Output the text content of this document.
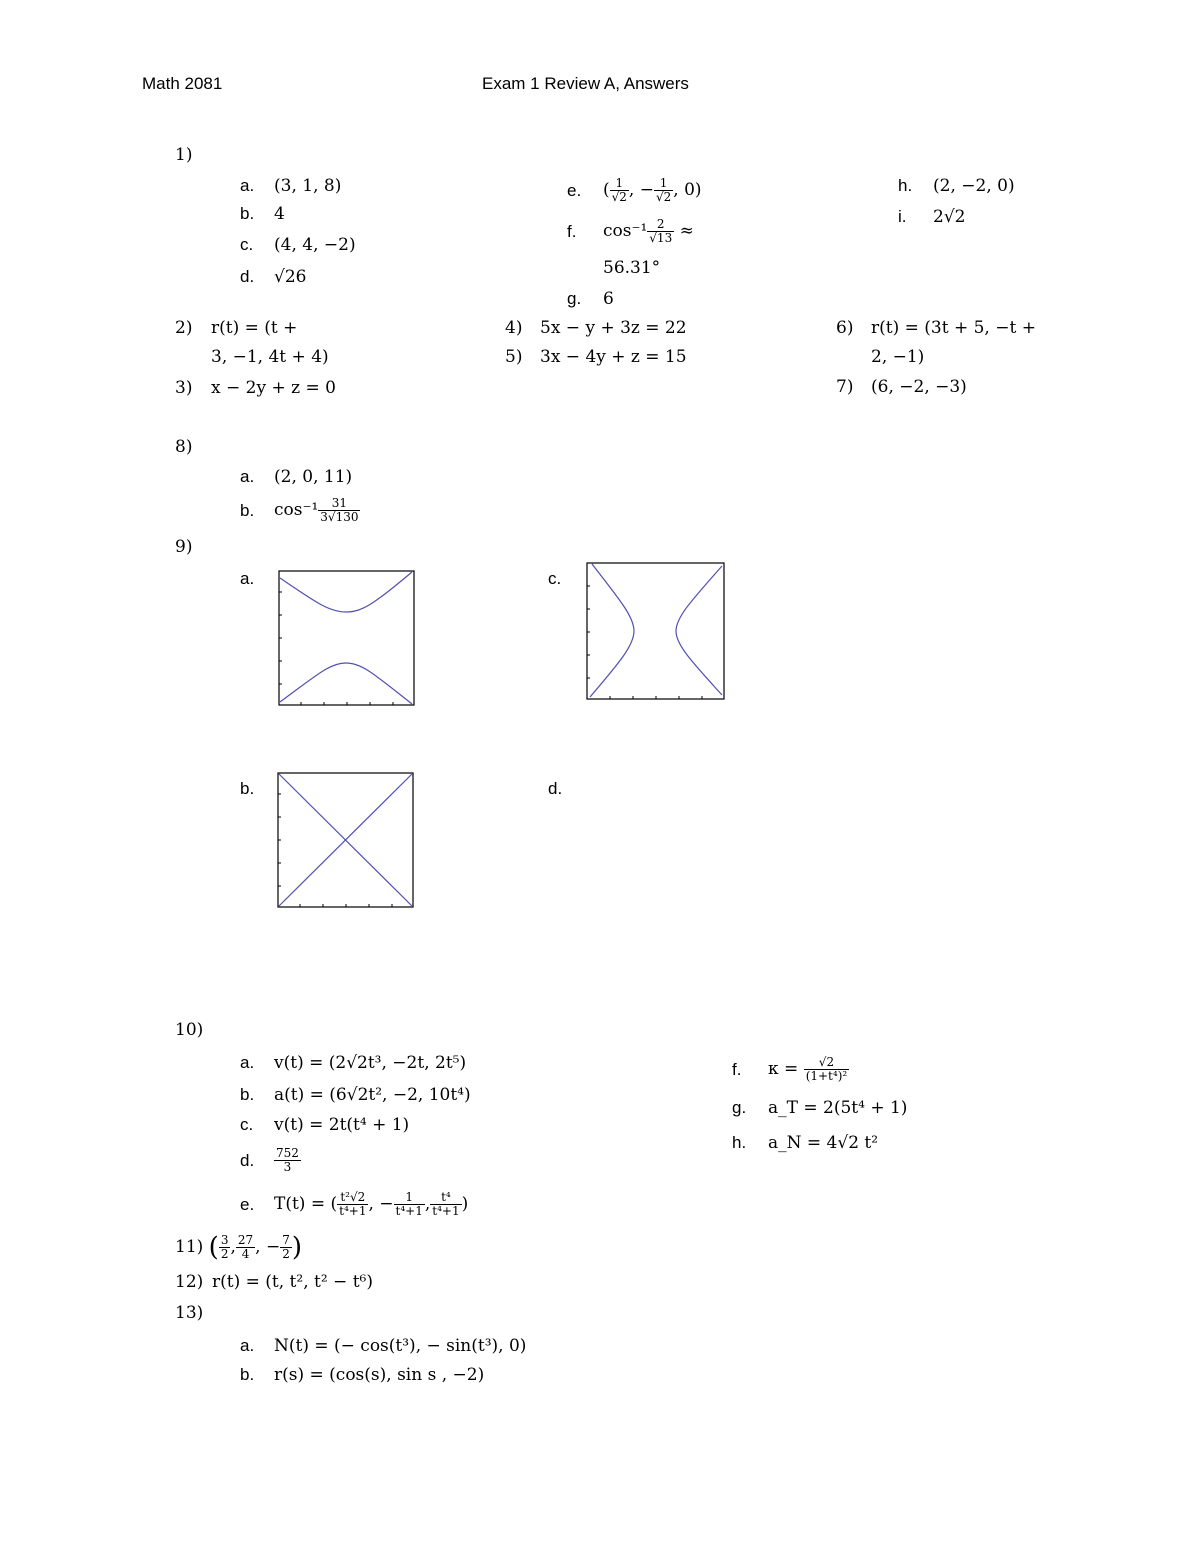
Math 2081	Exam 1 Review A, Answers
1)
a. (3, 1, 8)
b. 4
c. (4, 4, −2)
d. √26
e. ( $\frac{1}{√2}$ , − $\frac{1}{√2}$ , 0)
f. $\cos^{-1} \frac{2}{√13}$ ≈
56.31°
g. 6
h. (2, −2, 0)
i. 2√2
2) r(t) = (t +
3, −1, 4t + 4)
3) x − 2y + z = 0
4) 5x − y + 3z = 22
5) 3x − 4y + z = 15
6) r(t) = (3t + 5, −t +
2, −1)
7) (6, −2, −3)
8)
a. (2, 0, 11)
b. $\cos^{-1} \frac{31}{3√130}$
9)
a.	c.
b.	d.
10)
a. v(t) = (2√2t³, −2t, 2t⁵)
b. a(t) = (6√2t², −2, 10t⁴)
c. v(t) = 2t(t⁴ + 1)
d. $\frac{752}{3}$
e. T(t) = ( $\frac{\text{t²√2}}{\text{t⁴+1}}$ , − $\frac{1}{\text{t⁴+1}}$ , $\frac{\text{t⁴}}{\text{t⁴+1}}$ )
f. $\kappa = \frac{√2}{\text{(1+t⁴)²}}$
g. a_T = 2(5t⁴ + 1)
h. a_N = 4√2 t²
11) ( $\frac{3}{2}$ , $\frac{27}{4}$ , − $\frac{7}{2}$ )
12) r(t) = (t, t², t² − t⁶)
13)
a. N(t) = (− cos(t³), − sin(t³), 0)
b. r(s) = (cos(s), sin s , −2)
